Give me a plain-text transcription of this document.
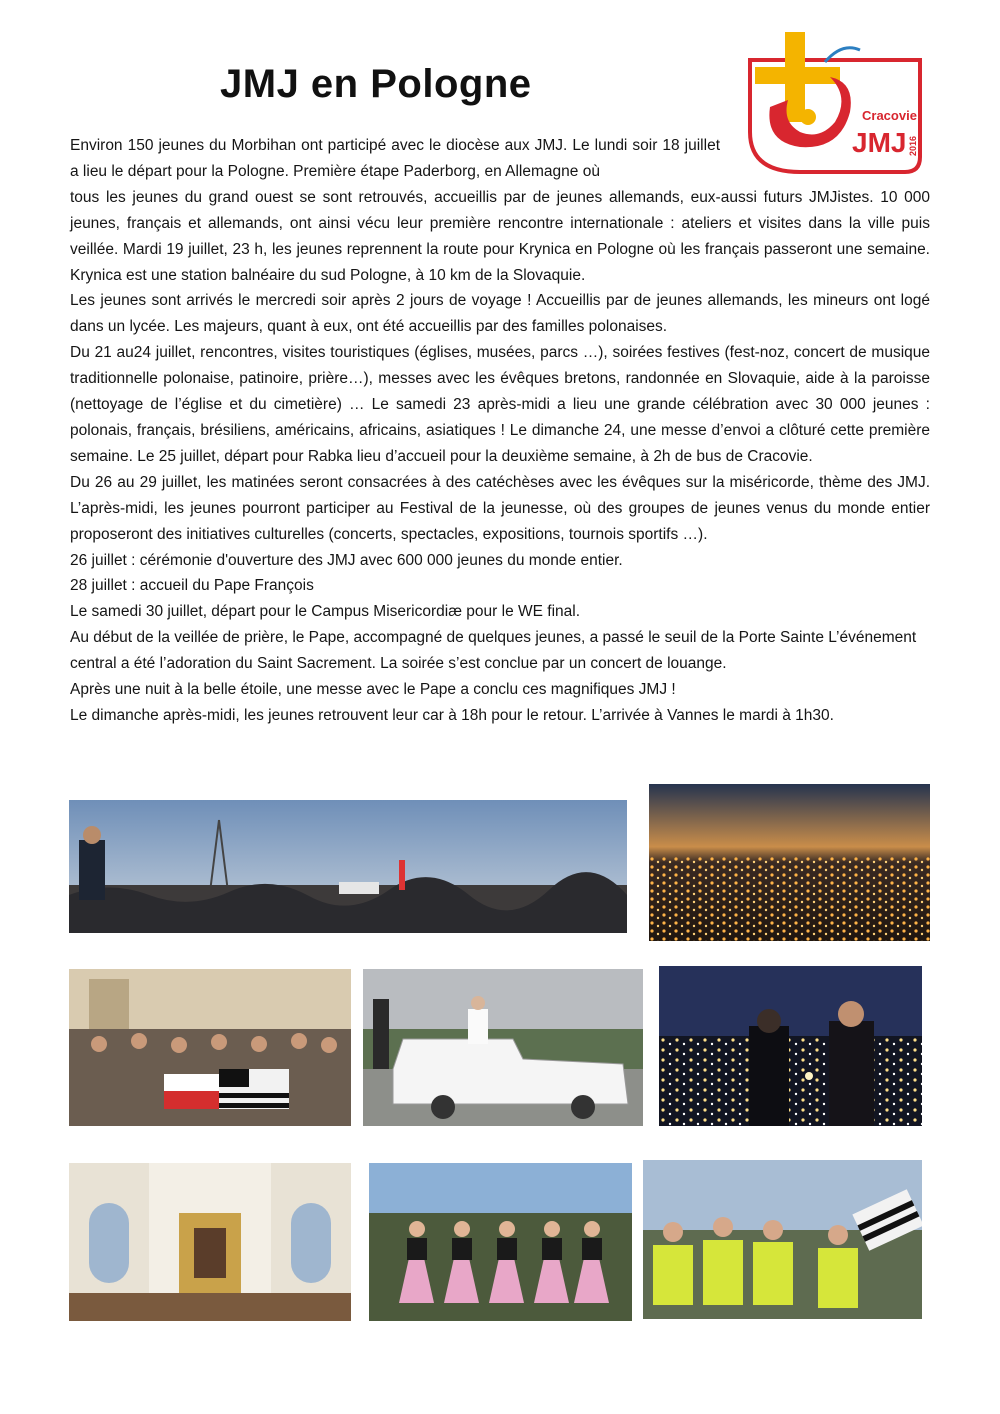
JMJ en Pologne
Cracovie
JMJ 2016

Environ 150 jeunes du Morbihan ont participé avec le diocèse aux JMJ. Le lundi soir 18 juillet a lieu le départ pour la Pologne. Première étape Paderborg, en Allemagne où

tous les jeunes du grand ouest se sont retrouvés, accueillis par de jeunes allemands, eux-aussi futurs JMJistes. 10 000 jeunes, français et allemands, ont ainsi vécu leur première rencontre internationale : ateliers et visites dans la ville puis veillée. Mardi 19 juillet, 23 h, les jeunes reprennent la route pour Krynica en Pologne où les français passeront une semaine. Krynica est une station balnéaire du sud Pologne, à 10 km de la Slovaquie.

Les jeunes sont arrivés le mercredi soir après 2 jours de voyage ! Accueillis par de jeunes allemands, les mineurs ont logé dans un lycée. Les majeurs, quant à eux, ont été accueillis par des familles polonaises.

Du 21 au24 juillet, rencontres, visites touristiques (églises, musées, parcs …), soirées festives (fest-noz, concert de musique traditionnelle polonaise, patinoire, prière…), messes avec les évêques bretons, randonnée en Slovaquie, aide à la paroisse (nettoyage de l’église et du cimetière) … Le samedi 23 après-midi a lieu une grande célébration avec 30 000 jeunes : polonais, français, brésiliens, américains, africains, asiatiques ! Le dimanche 24, une messe d’envoi a clôturé cette première semaine. Le 25 juillet, départ pour Rabka lieu d’accueil pour la deuxième semaine, à 2h de bus de Cracovie.

Du 26 au 29 juillet, les matinées seront consacrées à des catéchèses avec les évêques sur la miséricorde, thème des JMJ. L’après-midi, les jeunes pourront participer au Festival de la jeunesse, où des groupes de jeunes venus du monde entier proposeront des initiatives culturelles (concerts, spectacles, expositions, tournois sportifs …).

26 juillet : cérémonie d'ouverture des JMJ avec 600 000 jeunes du monde entier.

28 juillet : accueil du Pape François

Le samedi 30 juillet, départ pour le Campus Misericordiæ pour le WE final.

Au début de la veillée de prière, le Pape, accompagné de quelques jeunes, a passé le seuil de la Porte Sainte L’événement central a été l’adoration du Saint Sacrement. La soirée s’est conclue par un concert de louange.

Après une nuit à la belle étoile, une messe avec le Pape a conclu ces magnifiques JMJ !

Le dimanche après-midi, les jeunes retrouvent leur car à 18h pour le retour. L’arrivée à Vannes le mardi à 1h30.
